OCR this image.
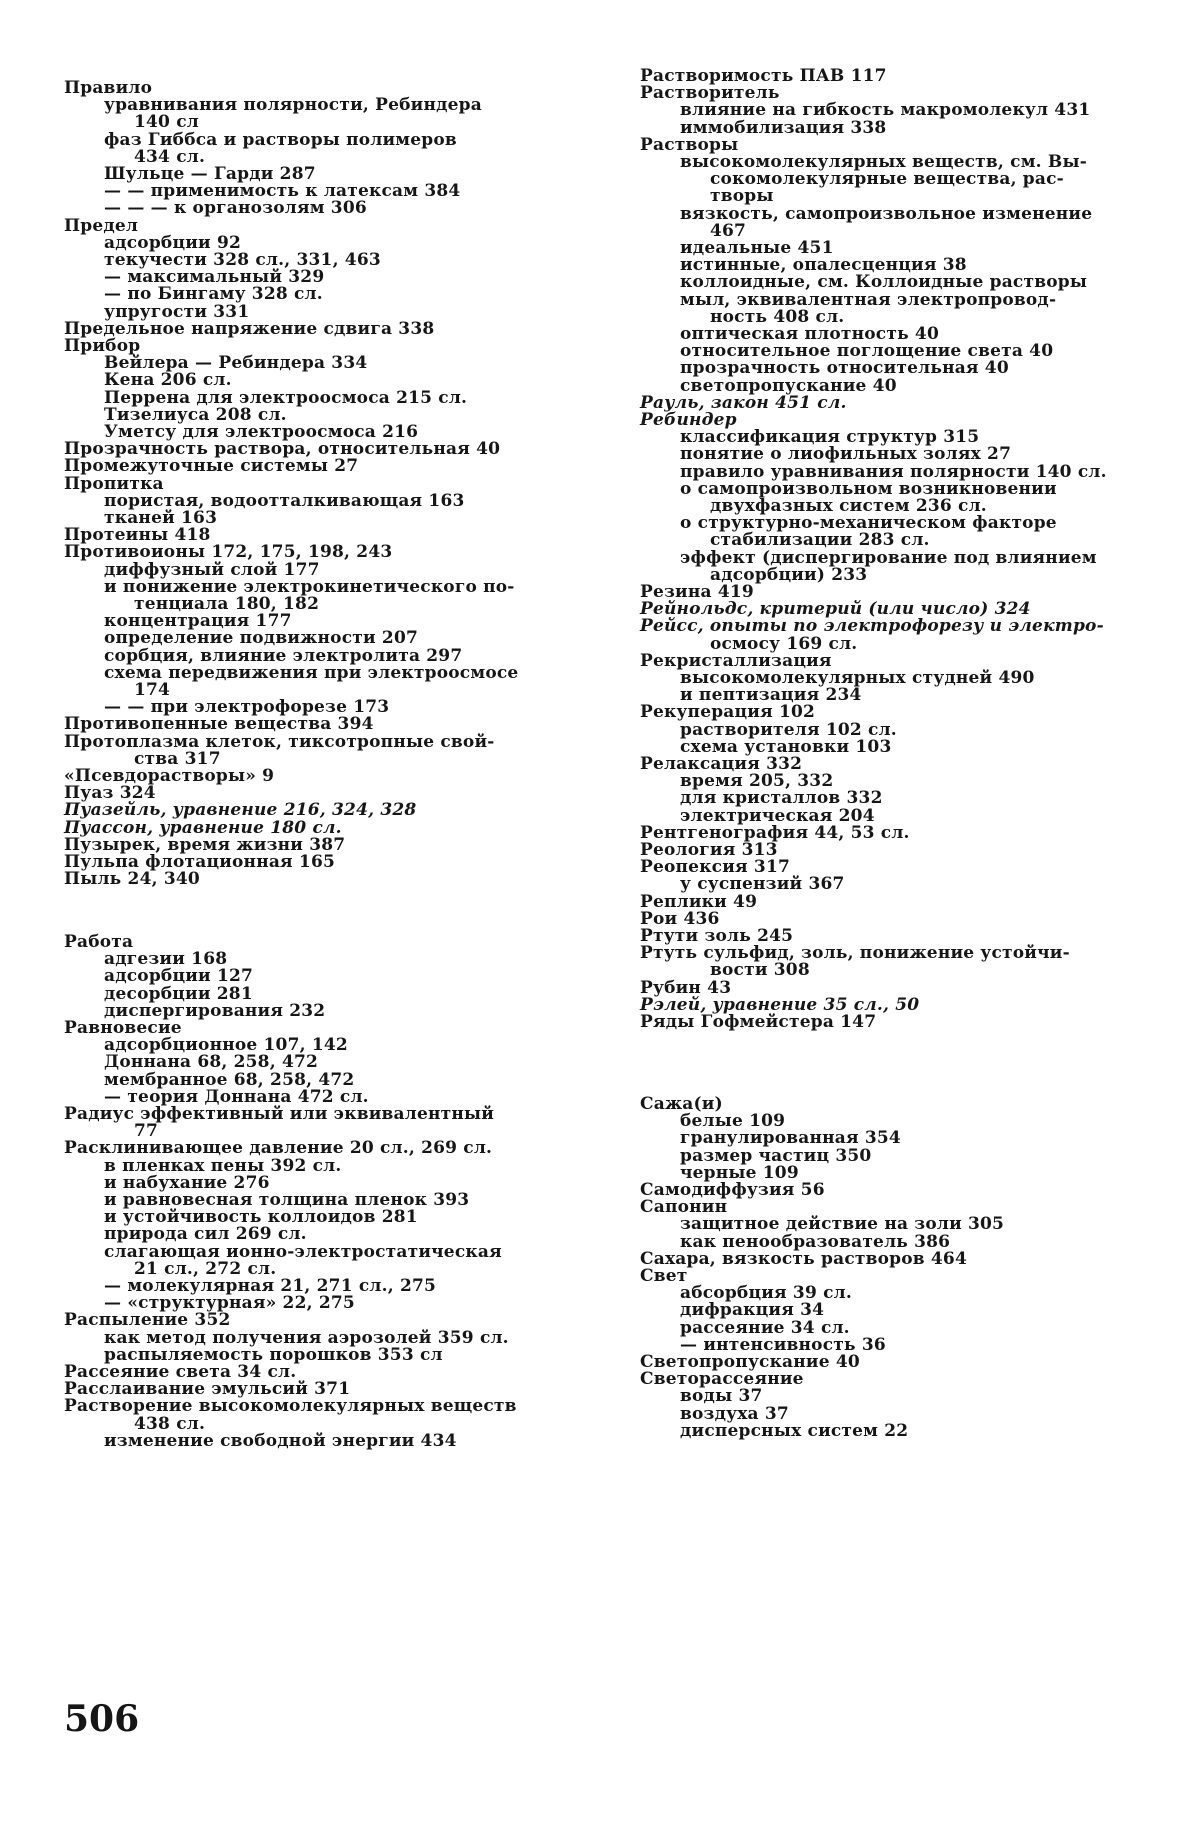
Правило
уравнивания полярности, Ребиндера
140 сл
фаз Гиббса и растворы полимеров
434 сл.
Шульце — Гарди 287
— — применимость к латексам 384
— — — к органозолям 306
Предел
адсорбции 92
текучести 328 сл., 331, 463
— максимальный 329
— по Бингаму 328 сл.
упругости 331
Предельное напряжение сдвига 338
Прибор
Вейлера — Ребиндера 334
Кена 206 сл.
Перрена для электроосмоса 215 сл.
Тизелиуса 208 сл.
Уметсу для электроосмоса 216
Прозрачность раствора, относительная 40
Промежуточные системы 27
Пропитка
пористая, водоотталкивающая 163
тканей 163
Протеины 418
Противоионы 172, 175, 198, 243
диффузный слой 177
и понижение электрокинетического по-
тенциала 180, 182
концентрация 177
определение подвижности 207
сорбция, влияние электролита 297
схема передвижения при электроосмосе
174
— — при электрофорезе 173
Противопенные вещества 394
Протоплазма клеток, тиксотропные свой-
ства 317
«Псевдорастворы» 9
Пуаз 324
Пуазейль, уравнение 216, 324, 328
Пуассон, уравнение 180 сл.
Пузырек, время жизни 387
Пульпа флотационная 165
Пыль 24, 340
Работа
адгезии 168
адсорбции 127
десорбции 281
диспергирования 232
Равновесие
адсорбционное 107, 142
Доннана 68, 258, 472
мембранное 68, 258, 472
— теория Доннана 472 сл.
Радиус эффективный или эквивалентный
77
Расклинивающее давление 20 сл., 269 сл.
в пленках пены 392 сл.
и набухание 276
и равновесная толщина пленок 393
и устойчивость коллоидов 281
природа сил 269 сл.
слагающая ионно-электростатическая
21 сл., 272 сл.
— молекулярная 21, 271 сл., 275
— «структурная» 22, 275
Распыление 352
как метод получения аэрозолей 359 сл.
распыляемость порошков 353 сл
Рассеяние света 34 сл.
Расслаивание эмульсий 371
Растворение высокомолекулярных веществ
438 сл.
изменение свободной энергии 434
Растворимость ПАВ 117
Растворитель
влияние на гибкость макромолекул 431
иммобилизация 338
Растворы
высокомолекулярных веществ, см. Вы-
сокомолекулярные вещества, рас-
творы
вязкость, самопроизвольное изменение
467
идеальные 451
истинные, опалесценция 38
коллоидные, см. Коллоидные растворы
мыл, эквивалентная электропровод-
ность 408 сл.
оптическая плотность 40
относительное поглощение света 40
прозрачность относительная 40
светопропускание 40
Рауль, закон 451 сл.
Ребиндер
классификация структур 315
понятие о лиофильных золях 27
правило уравнивания полярности 140 сл.
о самопроизвольном возникновении
двухфазных систем 236 сл.
о структурно-механическом факторе
стабилизации 283 сл.
эффект (диспергирование под влиянием
адсорбции) 233
Резина 419
Рейнольдс, критерий (или число) 324
Рейсс, опыты по электрофорезу и электро-
осмосу 169 сл.
Рекристаллизация
высокомолекулярных студней 490
и пептизация 234
Рекуперация 102
растворителя 102 сл.
схема установки 103
Релаксация 332
время 205, 332
для кристаллов 332
электрическая 204
Рентгенография 44, 53 сл.
Реология 313
Реопексия 317
у суспензий 367
Реплики 49
Рои 436
Ртути золь 245
Ртуть сульфид, золь, понижение устойчи-
вости 308
Рубин 43
Рэлей, уравнение 35 сл., 50
Ряды Гофмейстера 147
Сажа(и)
белые 109
гранулированная 354
размер частиц 350
черные 109
Самодиффузия 56
Сапонин
защитное действие на золи 305
как пенообразователь 386
Сахара, вязкость растворов 464
Свет
абсорбция 39 сл.
дифракция 34
рассеяние 34 сл.
— интенсивность 36
Светопропускание 40
Светорассеяние
воды 37
воздуха 37
дисперсных систем 22
506
